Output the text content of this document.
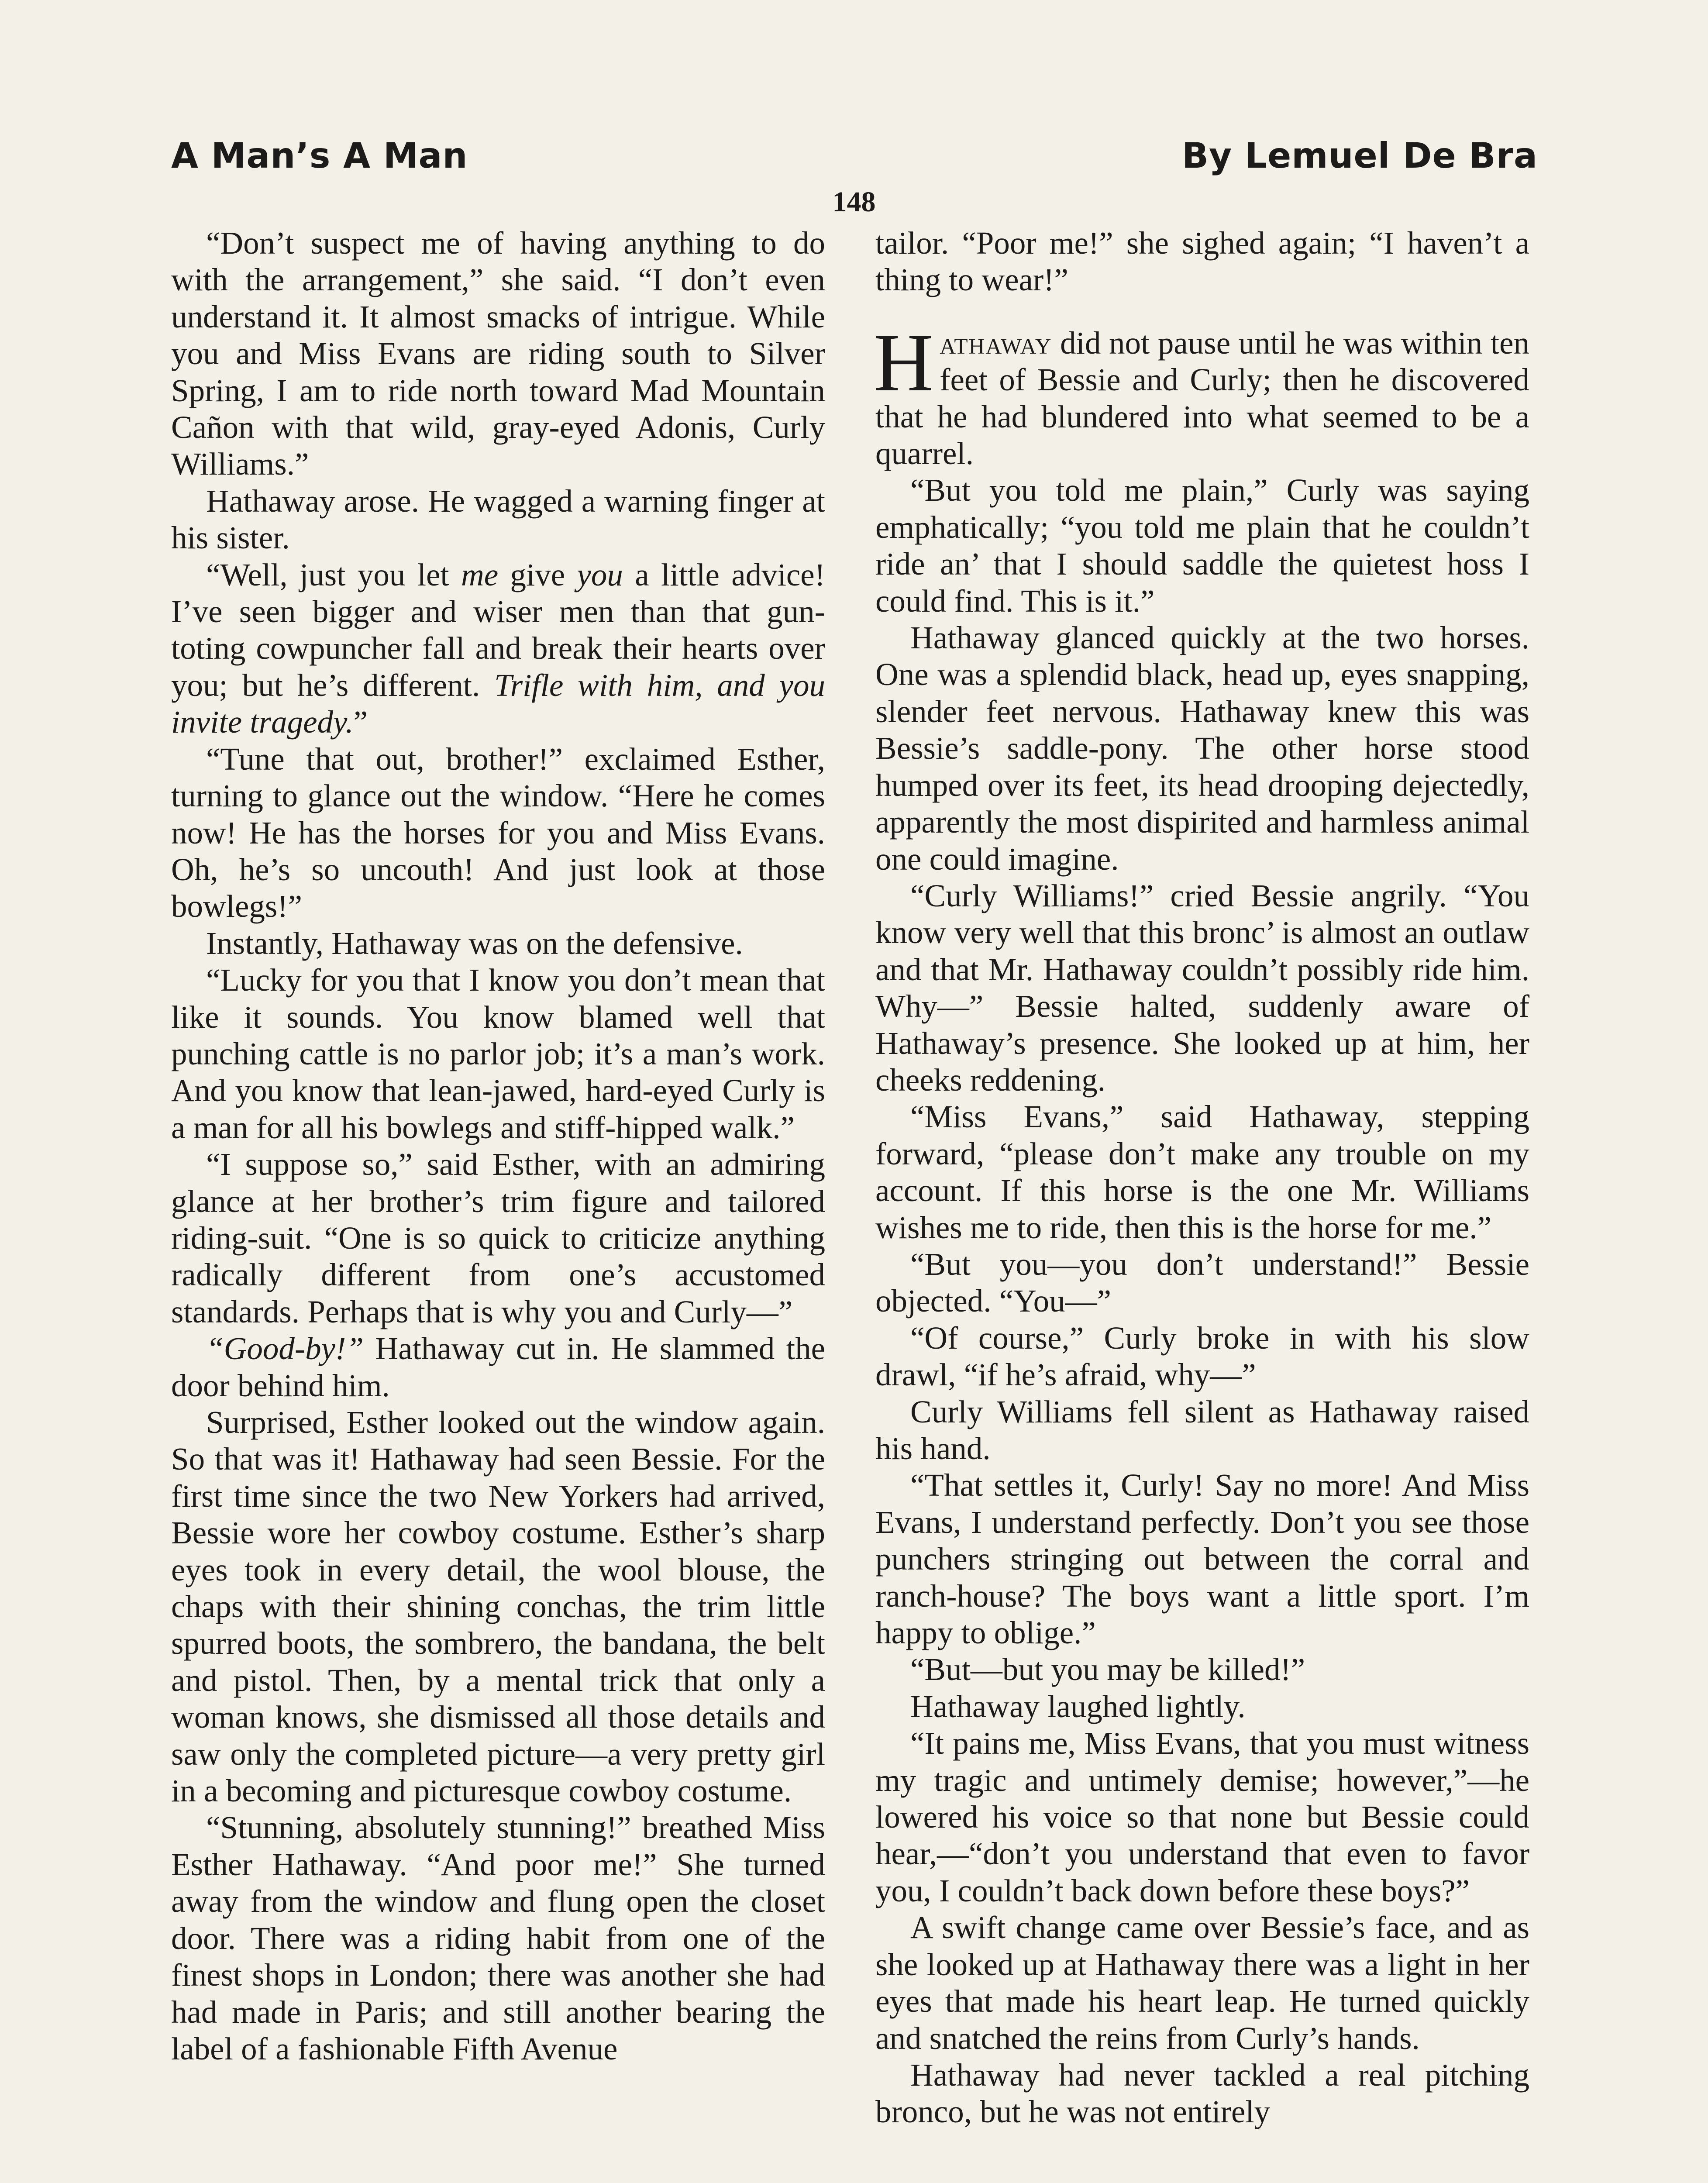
A Man’s A Man	By Lemuel De Bra
148

“Don’t suspect me of having anything to do with the arrangement,” she said. “I don’t even understand it. It almost smacks of intrigue. While you and Miss Evans are riding south to Silver Spring, I am to ride north toward Mad Mountain Cañon with that wild, gray-eyed Adonis, Curly Williams.”

Hathaway arose. He wagged a warning finger at his sister.

“Well, just you let me give you a little advice! I’ve seen bigger and wiser men than that gun-toting cowpuncher fall and break their hearts over you; but he’s different. Trifle with him, and you invite tragedy.”

“Tune that out, brother!” exclaimed Esther, turning to glance out the window. “Here he comes now! He has the horses for you and Miss Evans. Oh, he’s so uncouth! And just look at those bowlegs!”

Instantly, Hathaway was on the defensive.

“Lucky for you that I know you don’t mean that like it sounds. You know blamed well that punching cattle is no parlor job; it’s a man’s work. And you know that lean-jawed, hard-eyed Curly is a man for all his bowlegs and stiff-hipped walk.”

“I suppose so,” said Esther, with an admiring glance at her brother’s trim figure and tailored riding-suit. “One is so quick to criticize anything radically different from one’s accustomed standards. Perhaps that is why you and Curly—”

“Good-by!” Hathaway cut in. He slammed the door behind him.

Surprised, Esther looked out the window again. So that was it! Hathaway had seen Bessie. For the first time since the two New Yorkers had arrived, Bessie wore her cowboy costume. Esther’s sharp eyes took in every detail, the wool blouse, the chaps with their shining conchas, the trim little spurred boots, the sombrero, the bandana, the belt and pistol. Then, by a mental trick that only a woman knows, she dismissed all those details and saw only the completed picture—a very pretty girl in a becoming and picturesque cowboy costume.

“Stunning, absolutely stunning!” breathed Miss Esther Hathaway. “And poor me!” She turned away from the window and flung open the closet door. There was a riding habit from one of the finest shops in London; there was another she had had made in Paris; and still another bearing the label of a fashionable Fifth Avenue

tailor. “Poor me!” she sighed again; “I haven’t a thing to wear!”

Hathaway did not pause until he was within ten feet of Bessie and Curly; then he discovered that he had blundered into what seemed to be a quarrel.

“But you told me plain,” Curly was saying emphatically; “you told me plain that he couldn’t ride an’ that I should saddle the quietest hoss I could find. This is it.”

Hathaway glanced quickly at the two horses. One was a splendid black, head up, eyes snapping, slender feet nervous. Hathaway knew this was Bessie’s saddle-pony. The other horse stood humped over its feet, its head drooping dejectedly, apparently the most dispirited and harmless animal one could imagine.

“Curly Williams!” cried Bessie angrily. “You know very well that this bronc’ is almost an outlaw and that Mr. Hathaway couldn’t possibly ride him. Why—” Bessie halted, suddenly aware of Hathaway’s presence. She looked up at him, her cheeks reddening.

“Miss Evans,” said Hathaway, stepping forward, “please don’t make any trouble on my account. If this horse is the one Mr. Williams wishes me to ride, then this is the horse for me.”

“But you—you don’t understand!” Bessie objected. “You—”

“Of course,” Curly broke in with his slow drawl, “if he’s afraid, why—”

Curly Williams fell silent as Hathaway raised his hand.

“That settles it, Curly! Say no more! And Miss Evans, I understand perfectly. Don’t you see those punchers stringing out between the corral and ranch-house? The boys want a little sport. I’m happy to oblige.”

“But—but you may be killed!”

Hathaway laughed lightly.

“It pains me, Miss Evans, that you must witness my tragic and untimely demise; however,”—he lowered his voice so that none but Bessie could hear,—“don’t you understand that even to favor you, I couldn’t back down before these boys?”

A swift change came over Bessie’s face, and as she looked up at Hathaway there was a light in her eyes that made his heart leap. He turned quickly and snatched the reins from Curly’s hands.

Hathaway had never tackled a real pitching bronco, but he was not entirely
